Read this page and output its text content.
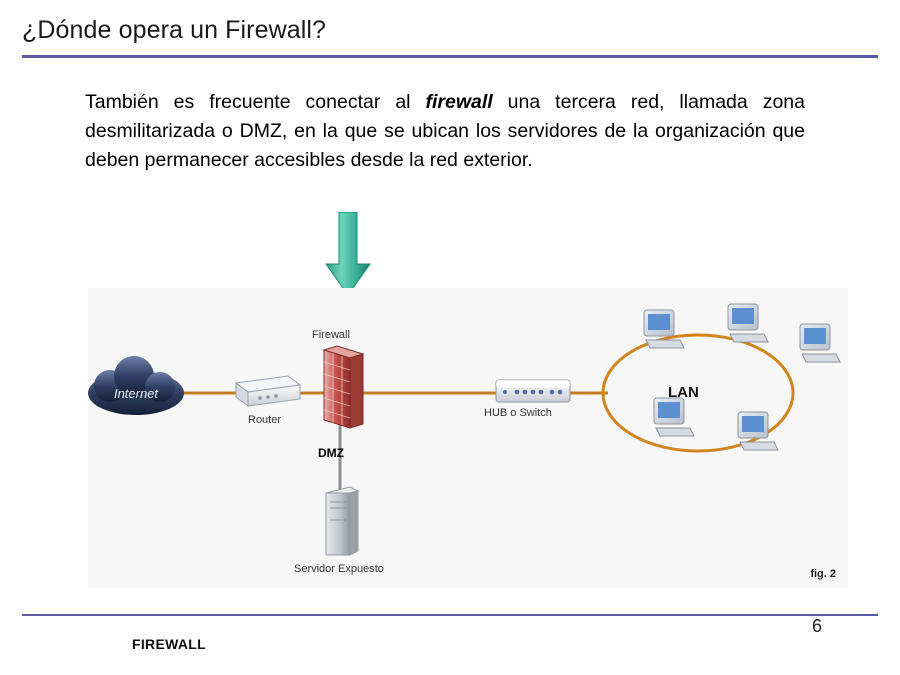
¿Dónde opera un Firewall?
También es frecuente conectar al firewall una tercera red, llamada zona desmilitarizada o DMZ, en la que se ubican los servidores de la organización que deben permanecer accesibles desde la red exterior.
Internet
Firewall
Router
HUB o Switch
DMZ
Servidor Expuesto
LAN
fig. 2
FIREWALL
6
